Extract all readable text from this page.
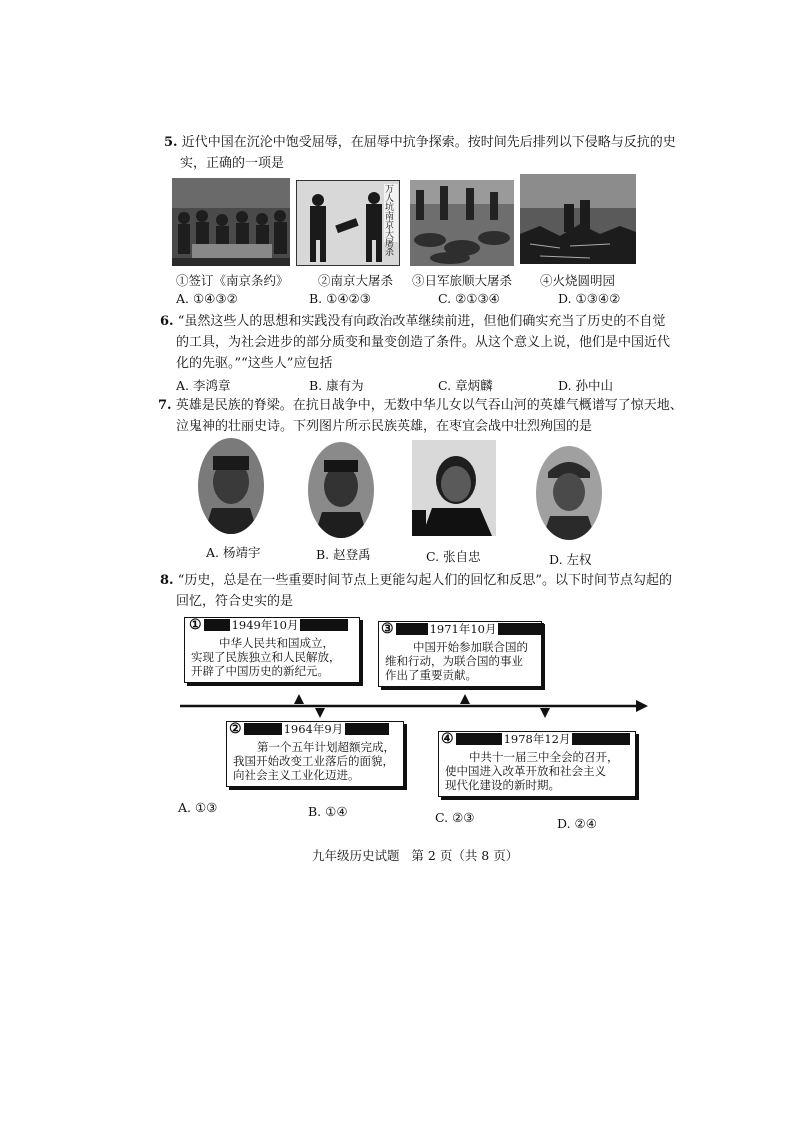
5. 近代中国在沉沦中饱受屈辱，在屈辱中抗争探索。按时间先后排列以下侵略与反抗的史
实，正确的一项是
万人坑南京大屠杀
①签订《南京条约》 ②南京大屠杀 ③日军旅顺大屠杀 ④火烧圆明园
A. ①④③②	B. ①④②③	C. ②①③④	D. ①③④②
6. “虽然这些人的思想和实践没有向政治改革继续前进，但他们确实充当了历史的不自觉
的工具，为社会进步的部分质变和量变创造了条件。从这个意义上说，他们是中国近代
化的先驱。”“这些人”应包括
A. 李鸿章	B. 康有为	C. 章炳麟	D. 孙中山
7. 英雄是民族的脊梁。在抗日战争中，无数中华儿女以气吞山河的英雄气概谱写了惊天地、
泣鬼神的壮丽史诗。下列图片所示民族英雄，在枣宜会战中壮烈殉国的是
A. 杨靖宇	B. 赵登禹	C. 张自忠	D. 左权
8. “历史，总是在一些重要时间节点上更能勾起人们的回忆和反思”。以下时间节点勾起的
回忆，符合史实的是
①	1949年10月
中华人民共和国成立，
实现了民族独立和人民解放，
开辟了中国历史的新纪元。
③	1971年10月
中国开始参加联合国的
维和行动，为联合国的事业
作出了重要贡献。
②	1964年9月
第一个五年计划超额完成，
我国开始改变工业落后的面貌，
向社会主义工业化迈进。
④	1978年12月
中共十一届三中全会的召开，
使中国进入改革开放和社会主义
现代化建设的新时期。
A. ①③	B. ①④	C. ②③	D. ②④
九年级历史试题   第 2 页（共 8 页）
